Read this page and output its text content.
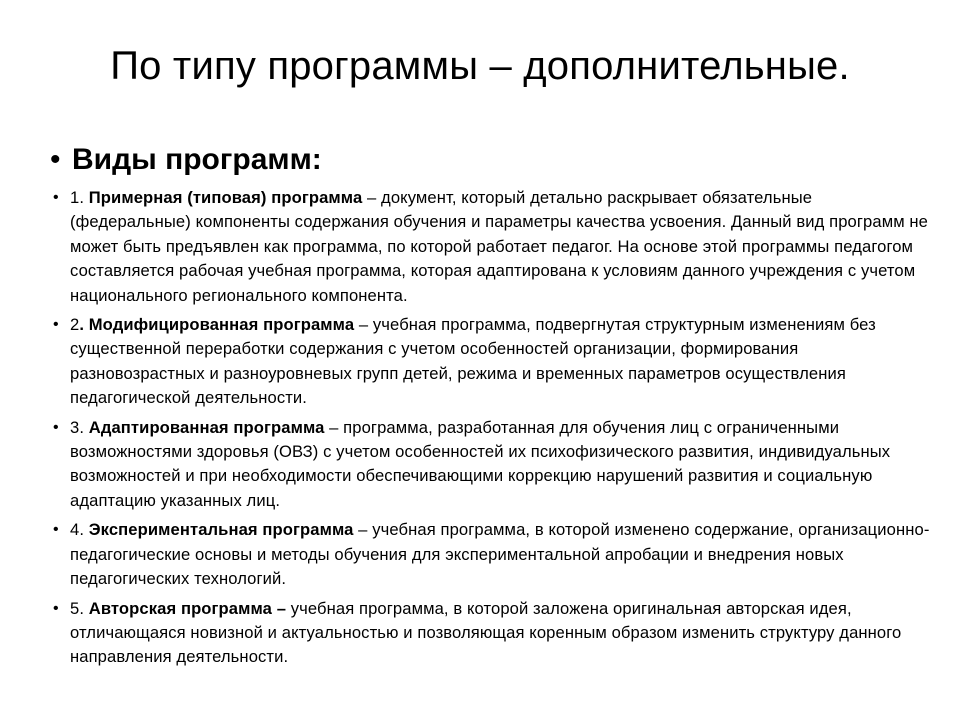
По типу программы – дополнительные.
• Виды программ:
• 1. Примерная (типовая) программа – документ, который детально раскрывает обязательные (федеральные) компоненты содержания обучения и параметры качества усвоения. Данный вид программ не может быть предъявлен как программа, по которой работает педагог. На основе этой программы педагогом составляется рабочая учебная программа, которая адаптирована к условиям данного учреждения с учетом национального регионального компонента.
• 2. Модифицированная программа – учебная программа, подвергнутая структурным изменениям без существенной переработки содержания с учетом особенностей организации, формирования разновозрастных и разноуровневых групп детей, режима и временных параметров осуществления педагогической деятельности.
• 3. Адаптированная программа – программа, разработанная для обучения лиц с ограниченными возможностями здоровья (ОВЗ) с учетом особенностей их психофизического развития, индивидуальных возможностей и при необходимости обеспечивающими коррекцию нарушений развития и социальную адаптацию указанных лиц.
• 4. Экспериментальная программа – учебная программа, в которой изменено содержание, организационно-педагогические основы и методы обучения для экспериментальной апробации и внедрения новых педагогических технологий.
• 5. Авторская программа – учебная программа, в которой заложена оригинальная авторская идея, отличающаяся новизной и актуальностью и позволяющая коренным образом изменить структуру данного направления деятельности.
